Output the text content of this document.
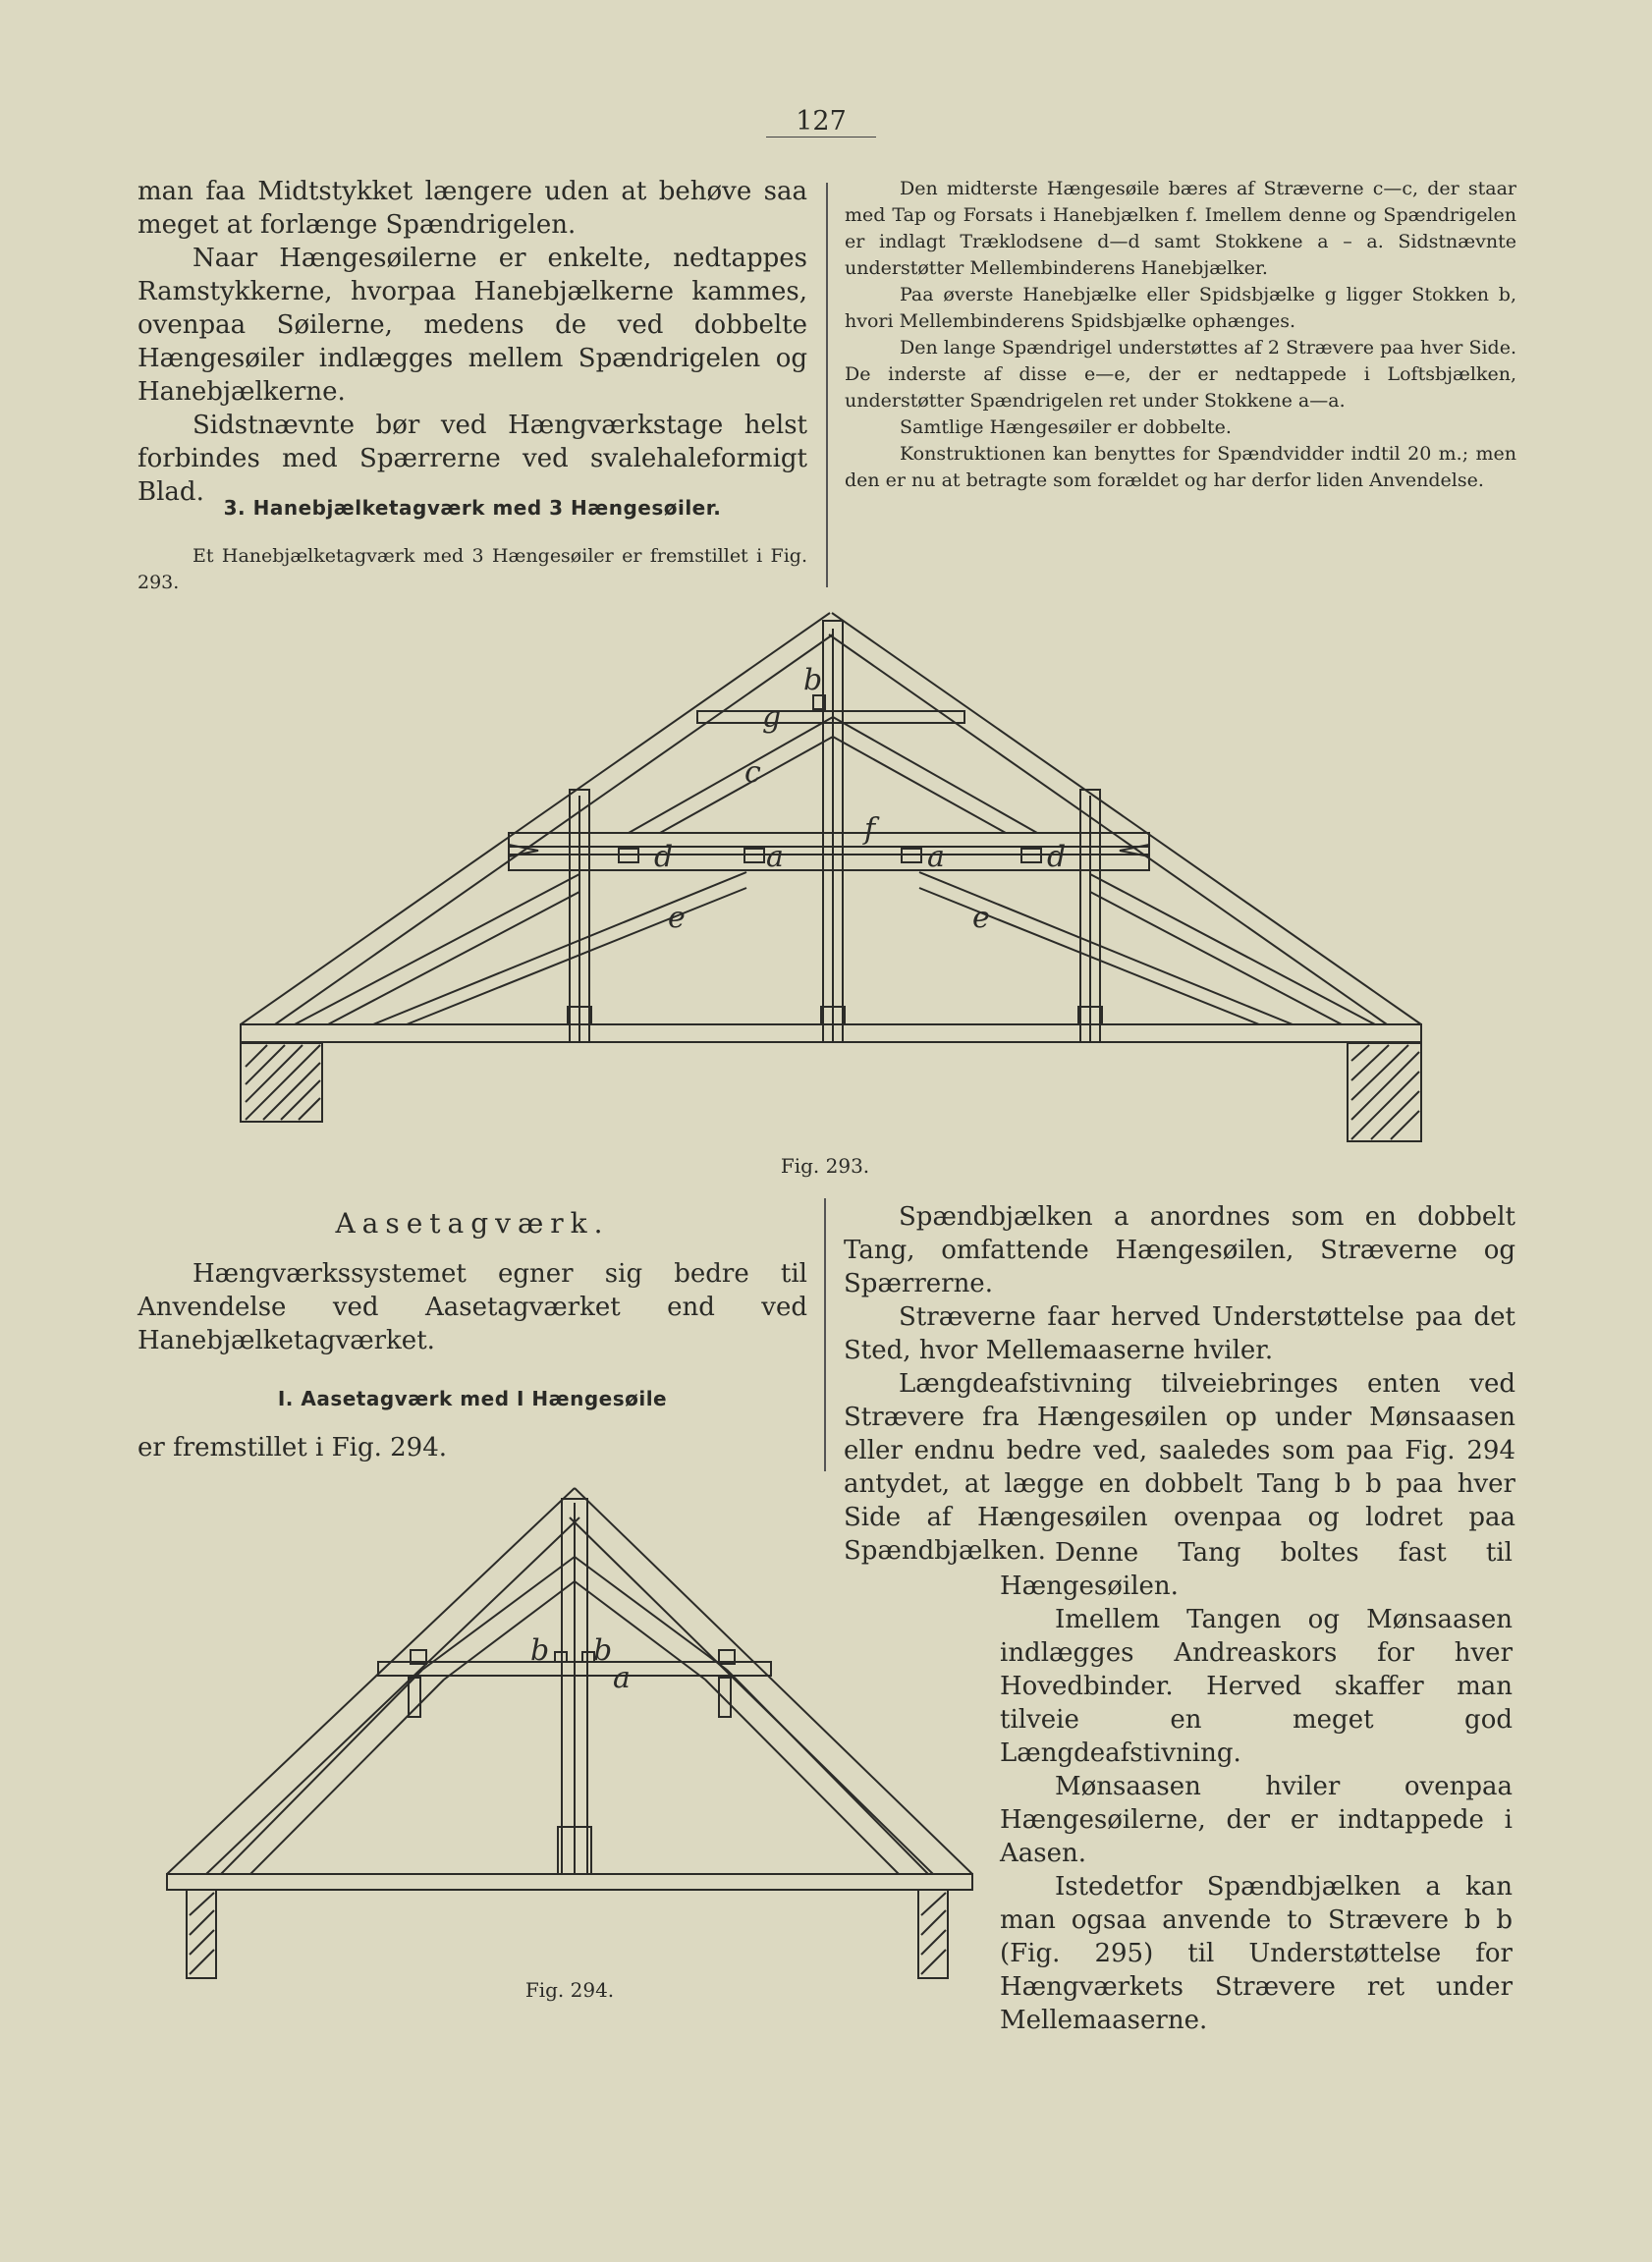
127

man faa Midtstykket længere uden at behøve saa meget at forlænge Spændrigelen.

Naar Hængesøilerne er enkelte, nedtappes Ramstykkerne, hvorpaa Hanebjælkerne kammes, ovenpaa Søilerne, medens de ved dobbelte Hængesøiler indlægges mellem Spændrigelen og Hanebjælkerne.

Sidstnævnte bør ved Hængværkstage helst forbindes med Spærrerne ved svalehaleformigt Blad.

3. Hanebjælketagværk med 3 Hængesøiler.

Et Hanebjælketagværk med 3 Hængesøiler er fremstillet i Fig. 293.

Den midterste Hængesøile bæres af Stræverne c—c, der staar med Tap og Forsats i Hanebjælken f. Imellem denne og Spændrigelen er indlagt Træklodsene d—d samt Stokkene a – a. Sidstnævnte understøtter Mellembinderens Hanebjælker.

Paa øverste Hanebjælke eller Spidsbjælke g ligger Stokken b, hvori Mellembinderens Spidsbjælke ophænges.

Den lange Spændrigel understøttes af 2 Strævere paa hver Side. De inderste af disse e—e, der er nedtappede i Loftsbjælken, understøtter Spændrigelen ret under Stokkene a—a.

Samtlige Hængesøiler er dobbelte.

Konstruktionen kan benyttes for Spændvidder indtil 20 m.; men den er nu at betragte som forældet og har derfor liden Anvendelse.

b
g
c
f
d	a	a	d
e	e
Fig. 293.
Aasetagværk.

Hængværkssystemet egner sig bedre til Anvendelse ved Aasetagværket end ved Hanebjælketagværket.

I. Aasetagværk med I Hængesøile

er fremstillet i Fig. 294.

b b
a
Fig. 294.

Spændbjælken a anordnes som en dobbelt Tang, omfattende Hængesøilen, Stræverne og Spærrerne.

Stræverne faar herved Understøttelse paa det Sted, hvor Mellemaaserne hviler.

Længdeafstivning tilveiebringes enten ved Strævere fra Hængesøilen op under Mønsaasen eller endnu bedre ved, saaledes som paa Fig. 294 antydet, at lægge en dobbelt Tang b b paa hver Side af Hængesøilen ovenpaa og lodret paa Spændbjælken. Denne Tang boltes fast til Hængesøilen.

Imellem Tangen og Mønsaasen indlægges Andreaskors for hver Hovedbinder. Herved skaffer man tilveie en meget god Længdeafstivning.

Mønsaasen hviler ovenpaa Hængesøilerne, der er indtappede i Aasen.

Istedetfor Spændbjælken a kan man ogsaa anvende to Strævere b b (Fig. 295) til Understøttelse for Hængværkets Strævere ret under Mellemaaserne.
